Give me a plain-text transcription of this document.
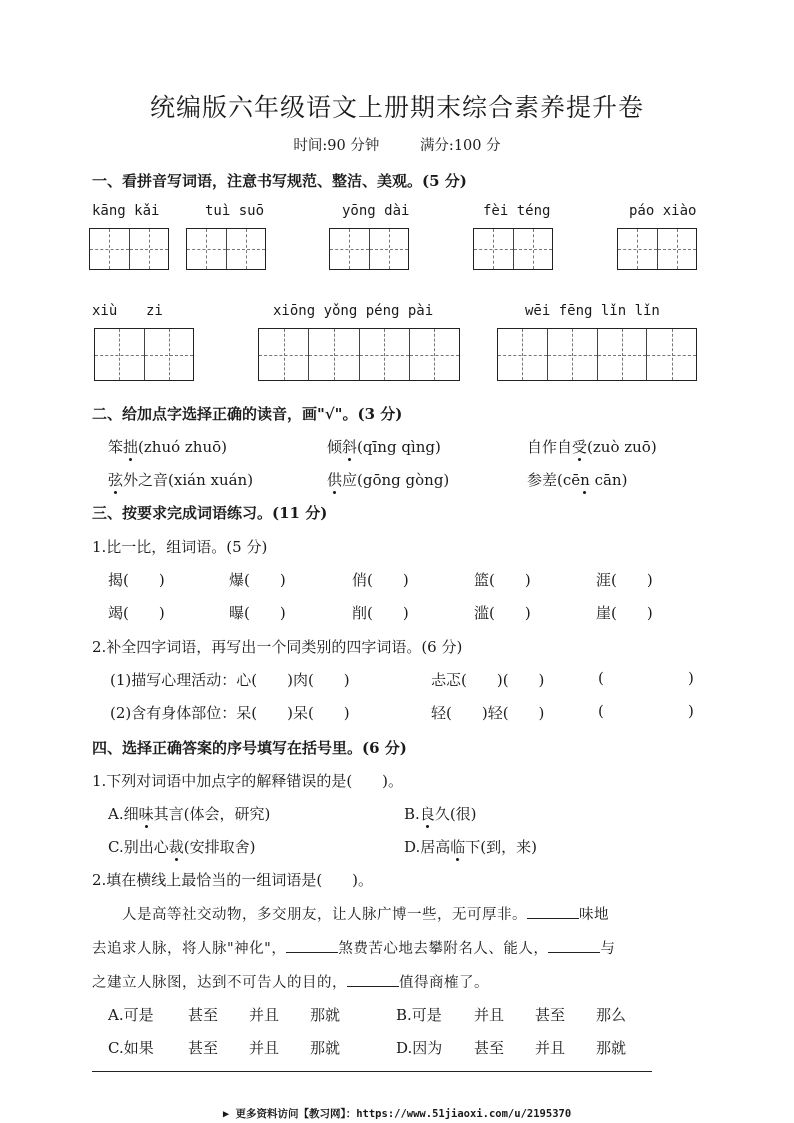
统编版六年级语文上册期末综合素养提升卷
时间:90 分钟	满分:100 分
一、看拼音写词语，注意书写规范、整洁、美观。(5 分)
kāng kǎi	tuì suō	yōng dài	fèi téng	páo xiào
xiù zi	xiōng yǒng péng pài	wēi fēng lǐn lǐn
二、给加点字选择正确的读音，画"√"。(3 分)
笨拙(zhuó zhuō)	倾斜(qīng qìng)	自作自受(zuò zuō)
弦外之音(xián xuán)	供应(gōng gòng)	参差(cēn cān)
三、按要求完成词语练习。(11 分)
1.比一比，组词语。(5 分)
揭(　　)	爆(　　)	俏(　　)	篮(　　)	涯(　　)
竭(　　)	曝(　　)	削(　　)	滥(　　)	崖(　　)
2.补全四字词语，再写出一个同类别的四字词语。(6 分)
(1)描写心理活动：心(　　)肉(　　)	忐忑(　　)(　　)	(	)
(2)含有身体部位：呆(　　)呆(　　)	轻(　　)轻(　　)	(	)
四、选择正确答案的序号填写在括号里。(6 分)
1.下列对词语中加点字的解释错误的是(　　)。
A.细味其言(体会，研究)	B.良久(很)
C.别出心裁(安排取舍)	D.居高临下(到，来)
2.填在横线上最恰当的一组词语是(　　)。
人是高等社交动物，多交朋友，让人脉广博一些，无可厚非。	味地
去追求人脉，将人脉"神化"，	煞费苦心地去攀附名人、能人，	与
之建立人脉图，达到不可告人的目的，	值得商榷了。
A.可是 甚至 并且 那就	B.可是 并且 甚至 那么
C.如果 甚至 并且 那就	D.因为 甚至 并且 那就
▶ 更多资料访问【教习网】：https://www.51jiaoxi.com/u/2195370
